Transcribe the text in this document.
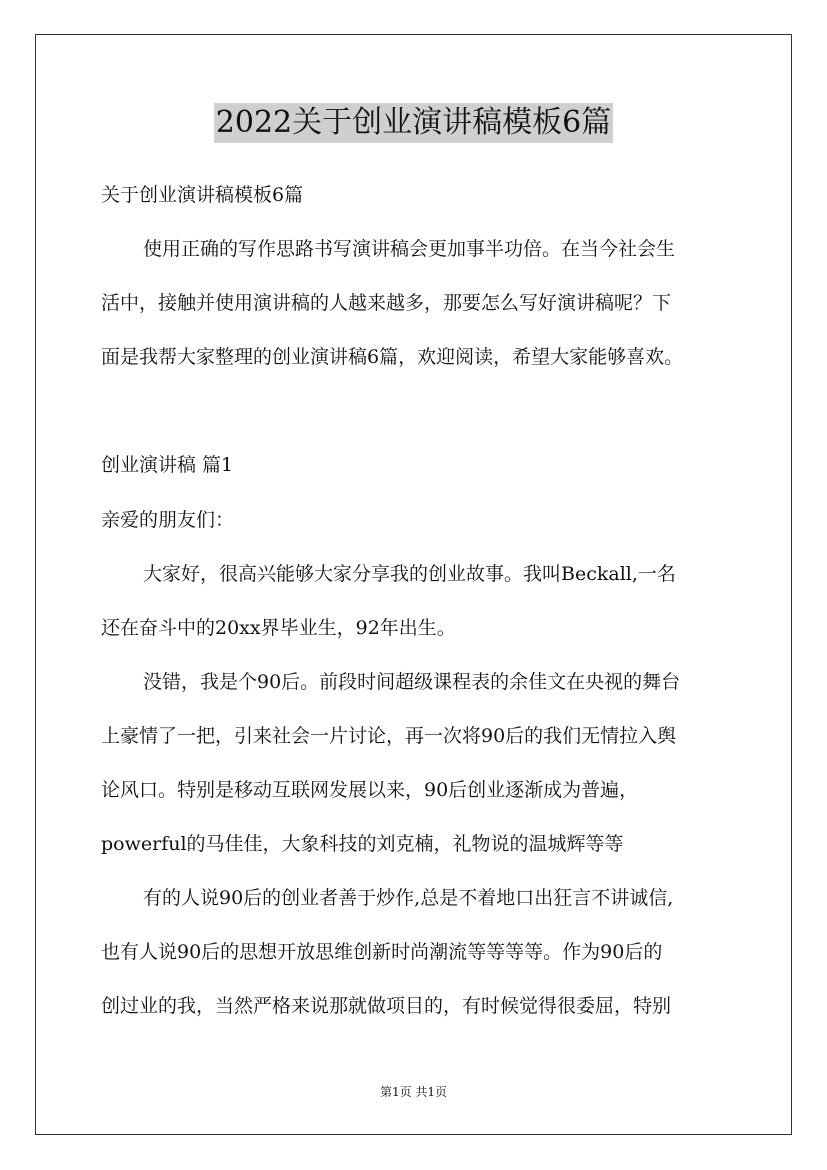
2022关于创业演讲稿模板6篇
关于创业演讲稿模板6篇
使用正确的写作思路书写演讲稿会更加事半功倍。在当今社会生
活中，接触并使用演讲稿的人越来越多，那要怎么写好演讲稿呢？下
面是我帮大家整理的创业演讲稿6篇，欢迎阅读，希望大家能够喜欢。
创业演讲稿 篇1
亲爱的朋友们：
大家好，很高兴能够大家分享我的创业故事。我叫Beckall,一名
还在奋斗中的20xx界毕业生，92年出生。
没错，我是个90后。前段时间超级课程表的余佳文在央视的舞台
上豪情了一把，引来社会一片讨论，再一次将90后的我们无情拉入舆
论风口。特别是移动互联网发展以来，90后创业逐渐成为普遍，
powerful的马佳佳，大象科技的刘克楠，礼物说的温城辉等等
有的人说90后的创业者善于炒作,总是不着地口出狂言不讲诚信,
也有人说90后的思想开放思维创新时尚潮流等等等等。作为90后的
创过业的我，当然严格来说那就做项目的，有时候觉得很委屈，特别
第1页 共1页
